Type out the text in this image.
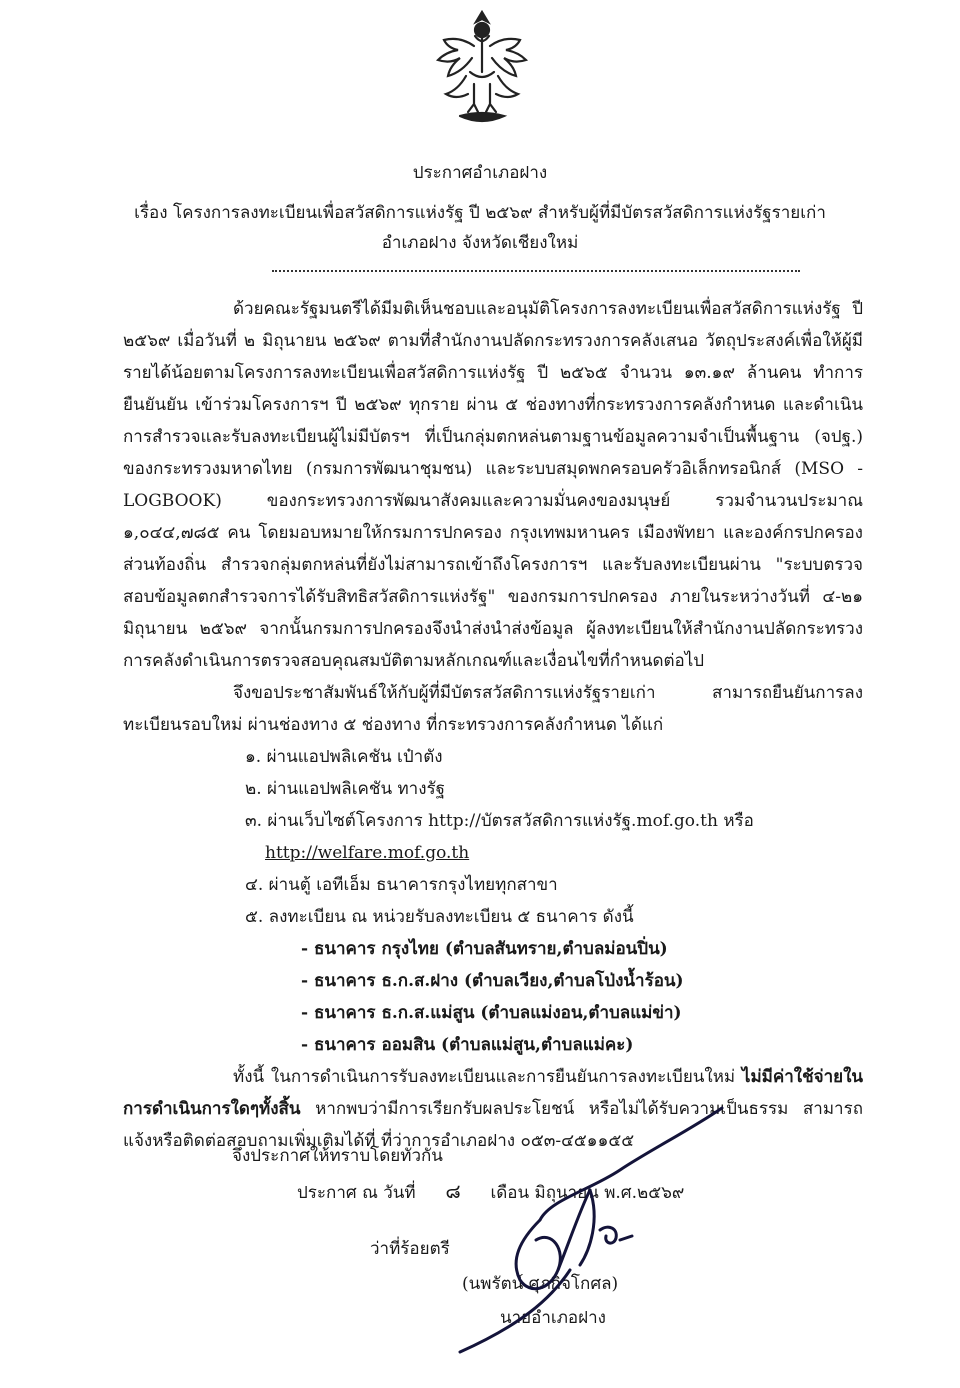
ประกาศอำเภอฝาง
เรื่อง โครงการลงทะเบียนเพื่อสวัสดิการแห่งรัฐ ปี ๒๕๖๙ สำหรับผู้ที่มีบัตรสวัสดิการแห่งรัฐรายเก่า
อำเภอฝาง จังหวัดเชียงใหม่

ด้วยคณะรัฐมนตรีได้มีมติเห็นชอบและอนุมัติโครงการลงทะเบียนเพื่อสวัสดิการแห่งรัฐ ปี ๒๕๖๙ เมื่อวันที่ ๒ มิถุนายน ๒๕๖๙ ตามที่สำนักงานปลัดกระทรวงการคลังเสนอ วัตถุประสงค์เพื่อให้ผู้มีรายได้น้อยตามโครงการลงทะเบียนเพื่อสวัสดิการแห่งรัฐ ปี ๒๕๖๕ จำนวน ๑๓.๑๙ ล้านคน ทำการยืนยันยัน เข้าร่วมโครงการฯ ปี ๒๕๖๙ ทุกราย ผ่าน ๕ ช่องทางที่กระทรวงการคลังกำหนด และดำเนินการสำรวจและรับลงทะเบียนผู้ไม่มีบัตรฯ ที่เป็นกลุ่มตกหล่นตามฐานข้อมูลความจำเป็นพื้นฐาน (จปฐ.) ของกระทรวงมหาดไทย (กรมการพัฒนาชุมชน) และระบบสมุดพกครอบครัวอิเล็กทรอนิกส์ (MSO - LOGBOOK) ของกระทรวงการพัฒนาสังคมและความมั่นคงของมนุษย์ รวมจำนวนประมาณ ๑,๐๔๔,๗๘๕ คน โดยมอบหมายให้กรมการปกครอง กรุงเทพมหานคร เมืองพัทยา และองค์กรปกครองส่วนท้องถิ่น สำรวจกลุ่มตกหล่นที่ยังไม่สามารถเข้าถึงโครงการฯ และรับลงทะเบียนผ่าน "ระบบตรวจสอบข้อมูลตกสำรวจการได้รับสิทธิสวัสดิการแห่งรัฐ" ของกรมการปกครอง ภายในระหว่างวันที่ ๔-๒๑ มิถุนายน ๒๕๖๙ จากนั้นกรมการปกครองจึงนำส่งนำส่งข้อมูล ผู้ลงทะเบียนให้สำนักงานปลัดกระทรวงการคลังดำเนินการตรวจสอบคุณสมบัติตามหลักเกณฑ์และเงื่อนไขที่กำหนดต่อไป

จึงขอประชาสัมพันธ์ให้กับผู้ที่มีบัตรสวัสดิการแห่งรัฐรายเก่า สามารถยืนยันการลงทะเบียนรอบใหม่ ผ่านช่องทาง ๕ ช่องทาง ที่กระทรวงการคลังกำหนด ได้แก่

๑. ผ่านแอปพลิเคชัน เป๋าตัง
๒. ผ่านแอปพลิเคชัน ทางรัฐ
๓. ผ่านเว็บไซต์โครงการ http://บัตรสวัสดิการแห่งรัฐ.mof.go.th หรือ
http://welfare.mof.go.th
๔. ผ่านตู้ เอทีเอ็ม ธนาคารกรุงไทยทุกสาขา
๕. ลงทะเบียน ณ หน่วยรับลงทะเบียน ๕ ธนาคาร ดังนี้
- ธนาคาร กรุงไทย (ตำบลสันทราย,ตำบลม่อนปิ่น)
- ธนาคาร ธ.ก.ส.ฝาง (ตำบลเวียง,ตำบลโป่งน้ำร้อน)
- ธนาคาร ธ.ก.ส.แม่สูน (ตำบลแม่งอน,ตำบลแม่ข่า)
- ธนาคาร ออมสิน (ตำบลแม่สูน,ตำบลแม่คะ)

ทั้งนี้ ในการดำเนินการรับลงทะเบียนและการยืนยันการลงทะเบียนใหม่ ไม่มีค่าใช้จ่ายในการดำเนินการใดๆทั้งสิ้น หากพบว่ามีการเรียกรับผลประโยชน์ หรือไม่ได้รับความเป็นธรรม สามารถแจ้งหรือติดต่อสอบถามเพิ่มเติมได้ที่ ที่ว่าการอำเภอฝาง ๐๕๓-๔๕๑๑๕๕

จึงประกาศให้ทราบโดยทั่วกัน
ประกาศ ณ วันที่ ๘ เดือน มิถุนายน พ.ศ.๒๕๖๙
ว่าที่ร้อยตรี
(นพรัตน์ ศุภกิจโกศล)
นายอำเภอฝาง
